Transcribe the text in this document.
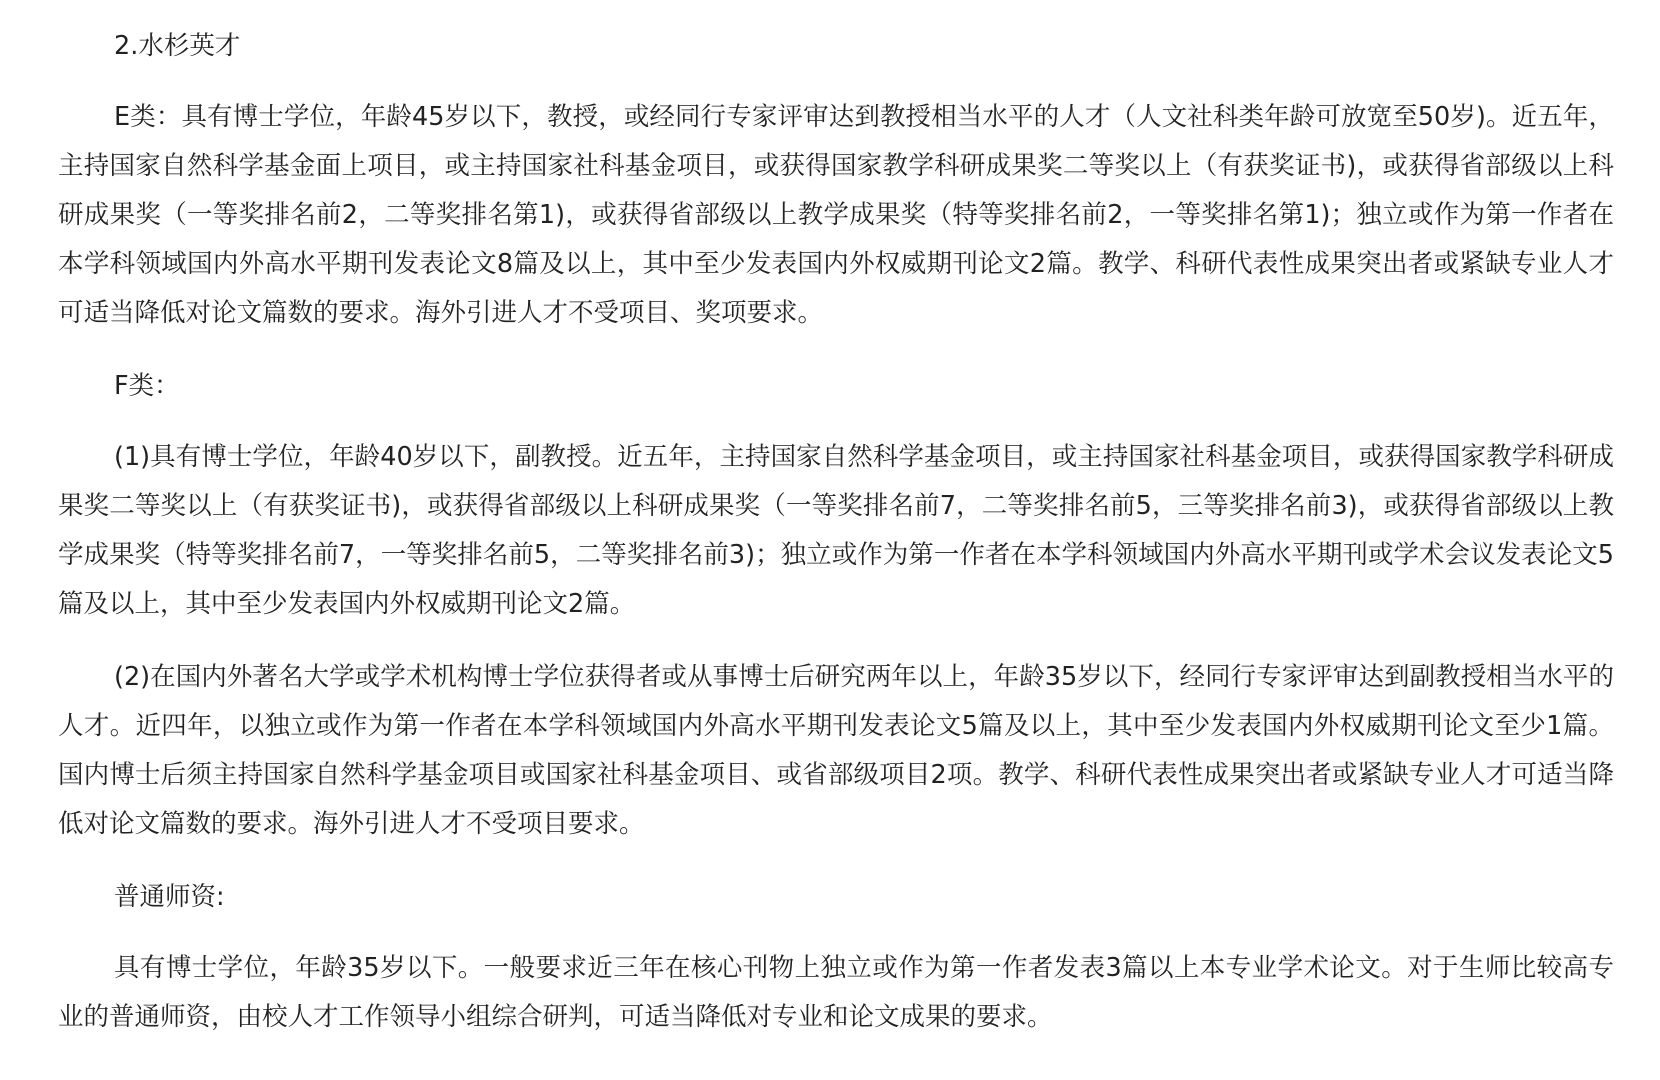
2.水杉英才

E类：具有博士学位，年龄45岁以下，教授，或经同行专家评审达到教授相当水平的人才（人文社科类年龄可放宽至50岁)。近五年，主持国家自然科学基金面上项目，或主持国家社科基金项目，或获得国家教学科研成果奖二等奖以上（有获奖证书)，或获得省部级以上科研成果奖（一等奖排名前2，二等奖排名第1)，或获得省部级以上教学成果奖（特等奖排名前2，一等奖排名第1)；独立或作为第一作者在本学科领域国内外高水平期刊发表论文8篇及以上，其中至少发表国内外权威期刊论文2篇。教学、科研代表性成果突出者或紧缺专业人才可适当降低对论文篇数的要求。海外引进人才不受项目、奖项要求。

F类：

(1)具有博士学位，年龄40岁以下，副教授。近五年，主持国家自然科学基金项目，或主持国家社科基金项目，或获得国家教学科研成果奖二等奖以上（有获奖证书)，或获得省部级以上科研成果奖（一等奖排名前7，二等奖排名前5，三等奖排名前3)，或获得省部级以上教学成果奖（特等奖排名前7，一等奖排名前5，二等奖排名前3)；独立或作为第一作者在本学科领域国内外高水平期刊或学术会议发表论文5篇及以上，其中至少发表国内外权威期刊论文2篇。

(2)在国内外著名大学或学术机构博士学位获得者或从事博士后研究两年以上，年龄35岁以下，经同行专家评审达到副教授相当水平的人才。近四年，以独立或作为第一作者在本学科领域国内外高水平期刊发表论文5篇及以上，其中至少发表国内外权威期刊论文至少1篇。国内博士后须主持国家自然科学基金项目或国家社科基金项目、或省部级项目2项。教学、科研代表性成果突出者或紧缺专业人才可适当降低对论文篇数的要求。海外引进人才不受项目要求。

普通师资:

具有博士学位，年龄35岁以下。一般要求近三年在核心刊物上独立或作为第一作者发表3篇以上本专业学术论文。对于生师比较高专业的普通师资，由校人才工作领导小组综合研判，可适当降低对专业和论文成果的要求。
